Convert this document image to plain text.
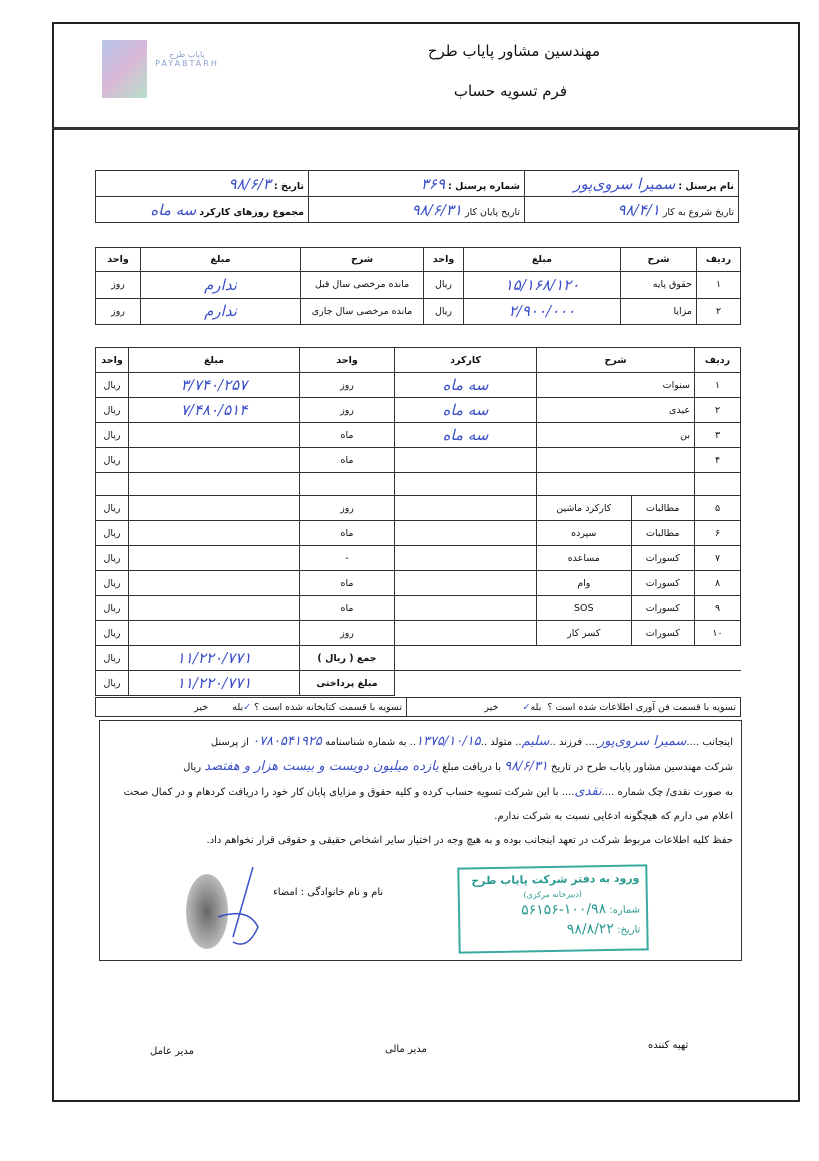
پایاب طرح PAYABTARH
مهندسین مشاور پایاب طرح
فرم تسویه حساب
نام پرسنل : سمیرا سروی‌پور	شماره پرسنل : ۳۶۹	تاریخ : ۹۸/۶/۳
تاریخ شروع به کار ۹۸/۴/۱	تاریخ پایان کار ۹۸/۶/۳۱	مجموع روزهای کارکرد سه ماه
ردیف	شرح	مبلغ	واحد	شرح	مبلغ	واحد
۱	حقوق پایه	۱۵/۱۶۸/۱۲۰	ریال	مانده مرخصی سال قبل	ندارم	روز
۲	مزایا	۲/۹۰۰/۰۰۰	ریال	مانده مرخصی سال جاری	ندارم	روز
ردیف	شرح		کارکرد	واحد	مبلغ	واحد
۱	سنوات		سه ماه	روز	۳/۷۴۰/۲۵۷	ریال
۲	عیدی		سه ماه	روز	۷/۴۸۰/۵۱۴	ریال
۳	بن		سه ماه	ماه		ریال
۴				ماه		ریال

۵	مطالبات	کارکرد ماشین		روز		ریال
۶	مطالبات	سپرده		ماه		ریال
۷	کسورات	مساعده		-		ریال
۸	کسورات	وام		ماه		ریال
۹	کسورات	SOS		ماه		ریال
۱۰	کسورات	کسر کار		روز		ریال
				جمع ( ریال )	۱۱/۲۲۰/۷۷۱	ریال
				مبلغ پرداختی	۱۱/۲۲۰/۷۷۱	ریال
تسویه با قسمت فن آوری اطلاعات شده است ؟  بله✓        خیر	تسویه با قسمت کتابخانه شده است ؟ ✓بله        خیر
اینجانب ....سمیرا سروی‌پور.... فرزند ..سلیم.. متولد ..۱۳۷۵/۱۰/۱۵.. به شماره شناسنامه ۰۷۸۰۵۴۱۹۲۵ از پرسنل
شرکت مهندسین مشاور پایاب طرح در تاریخ ۹۸/۶/۳۱ با دریافت مبلغ یازده میلیون دویست و بیست هزار و هفتصد ریال
به صورت نقدی/ چک شماره ....نقدی.... با این شرکت تسویه حساب کرده و کلیه حقوق و مزایای پایان کار خود را دریافت کردهام و در کمال صحت
اعلام می دارم که هیچگونه ادعایی نسبت به شرکت ندارم.
حفظ کلیه اطلاعات مربوط شرکت در تعهد اینجانب بوده و به هیچ وجه در اختیار سایر اشخاص حقیقی و حقوقی قرار نخواهم داد.
نام و نام خانوادگی : امضاء
ورود به دفتر شرکت پایاب طرح
(دبیرخانه مرکزی)
شماره: ۱۰۰/۹۸-۵۶۱۵۶
تاریخ: ۹۸/۸/۲۲
تهیه کننده
مدیر مالی
مدیر عامل
